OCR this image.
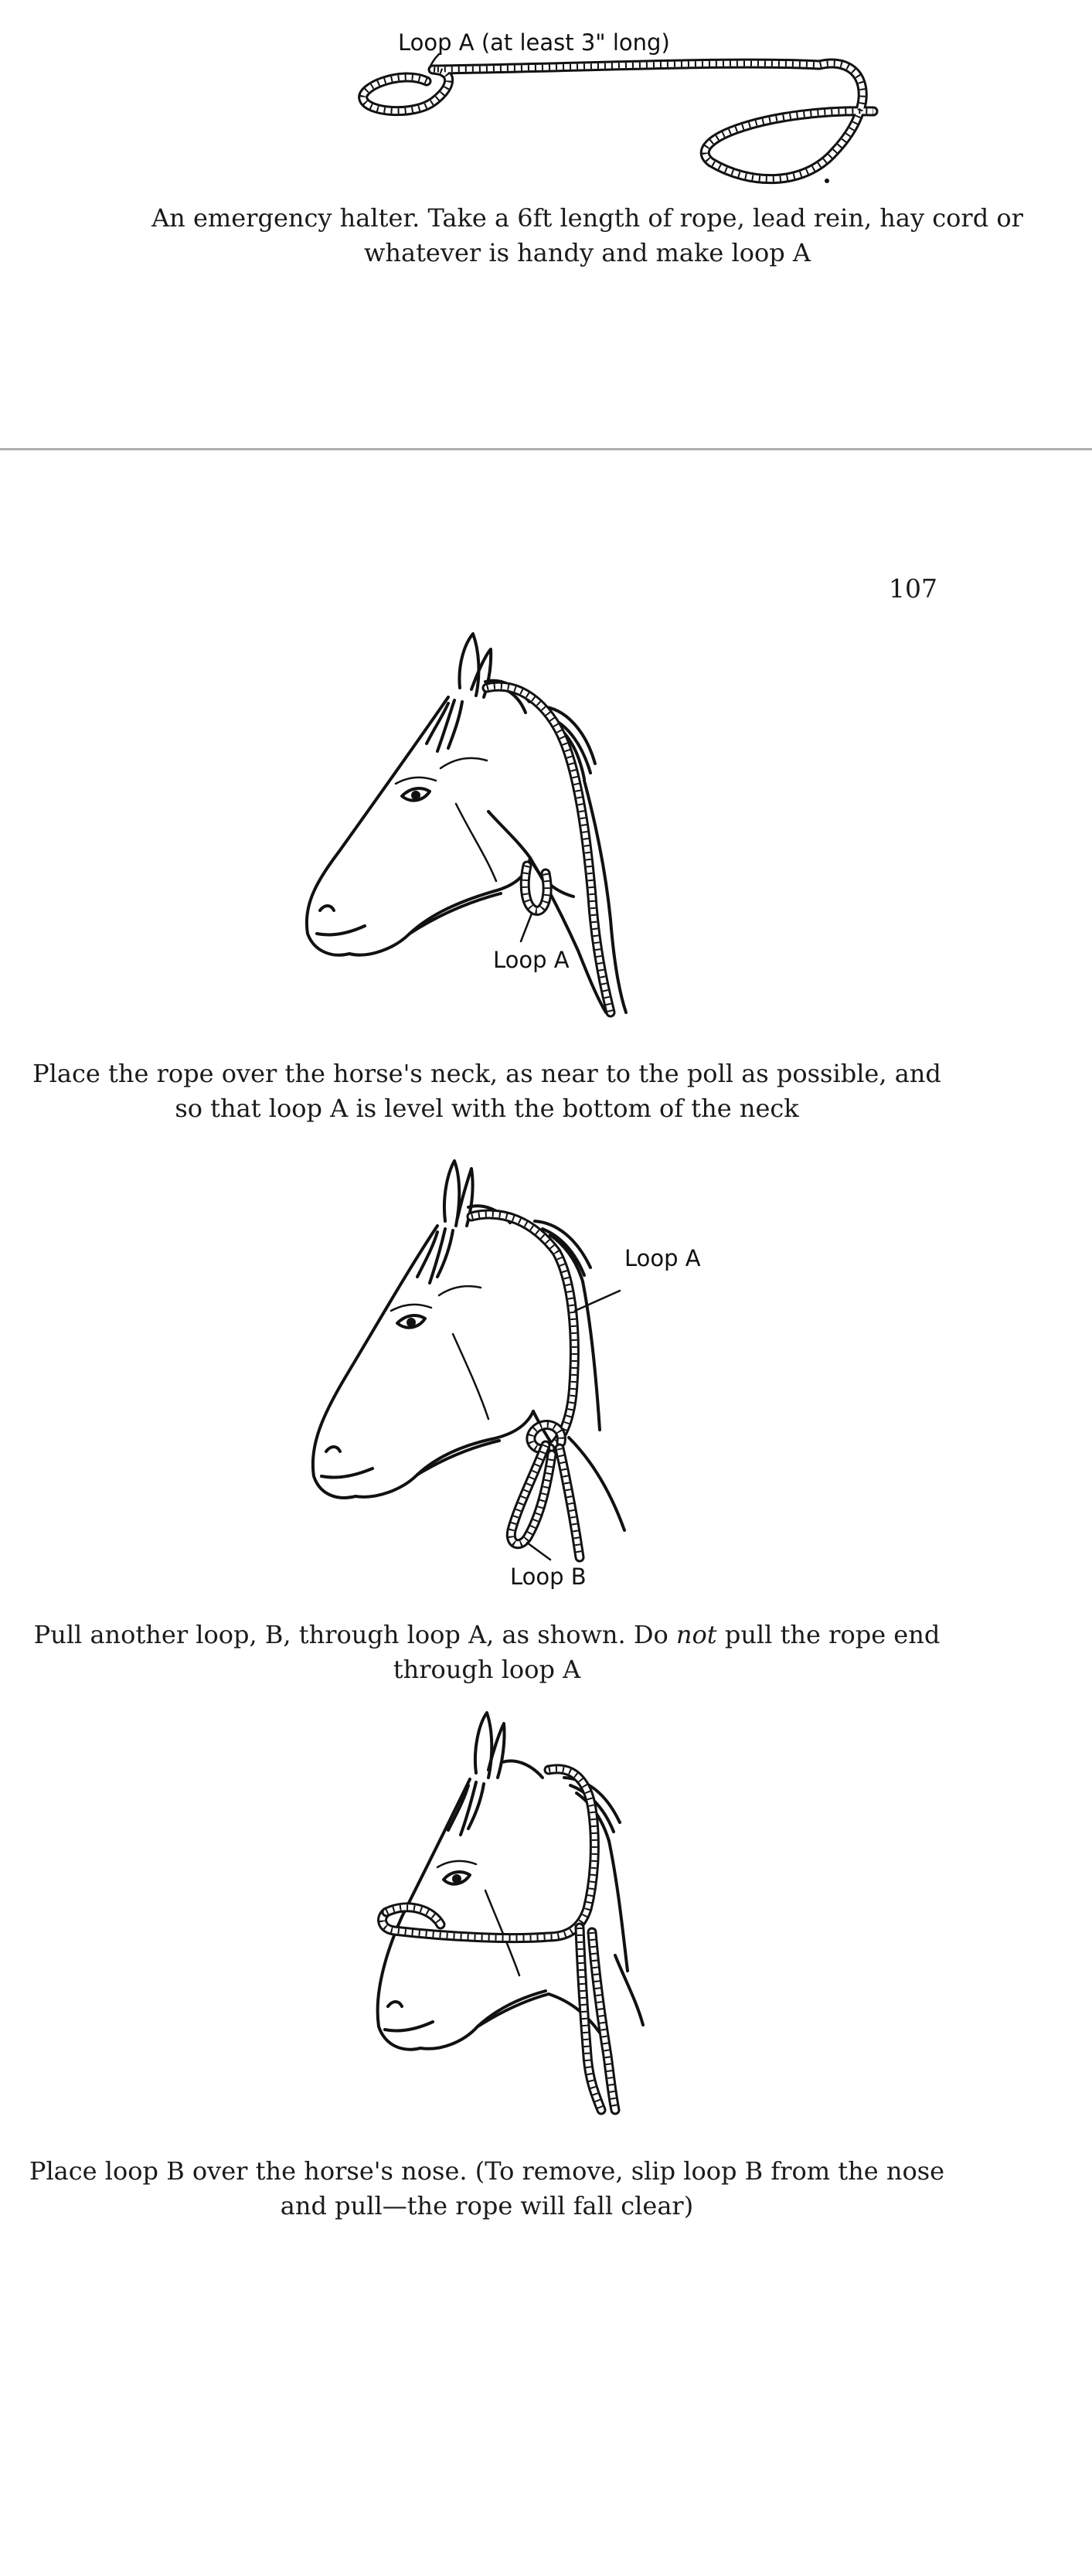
Loop A (at least 3" long)
An emergency halter. Take a 6ft length of rope, lead rein, hay cord or
whatever is handy and make loop A
107
Loop A
Place the rope over the horse's neck, as near to the poll as possible, and
so that loop A is level with the bottom of the neck
Loop A
Loop B
Pull another loop, B, through loop A, as shown. Do not pull the rope end
through loop A
Place loop B over the horse's nose. (To remove, slip loop B from the nose
and pull—the rope will fall clear)
